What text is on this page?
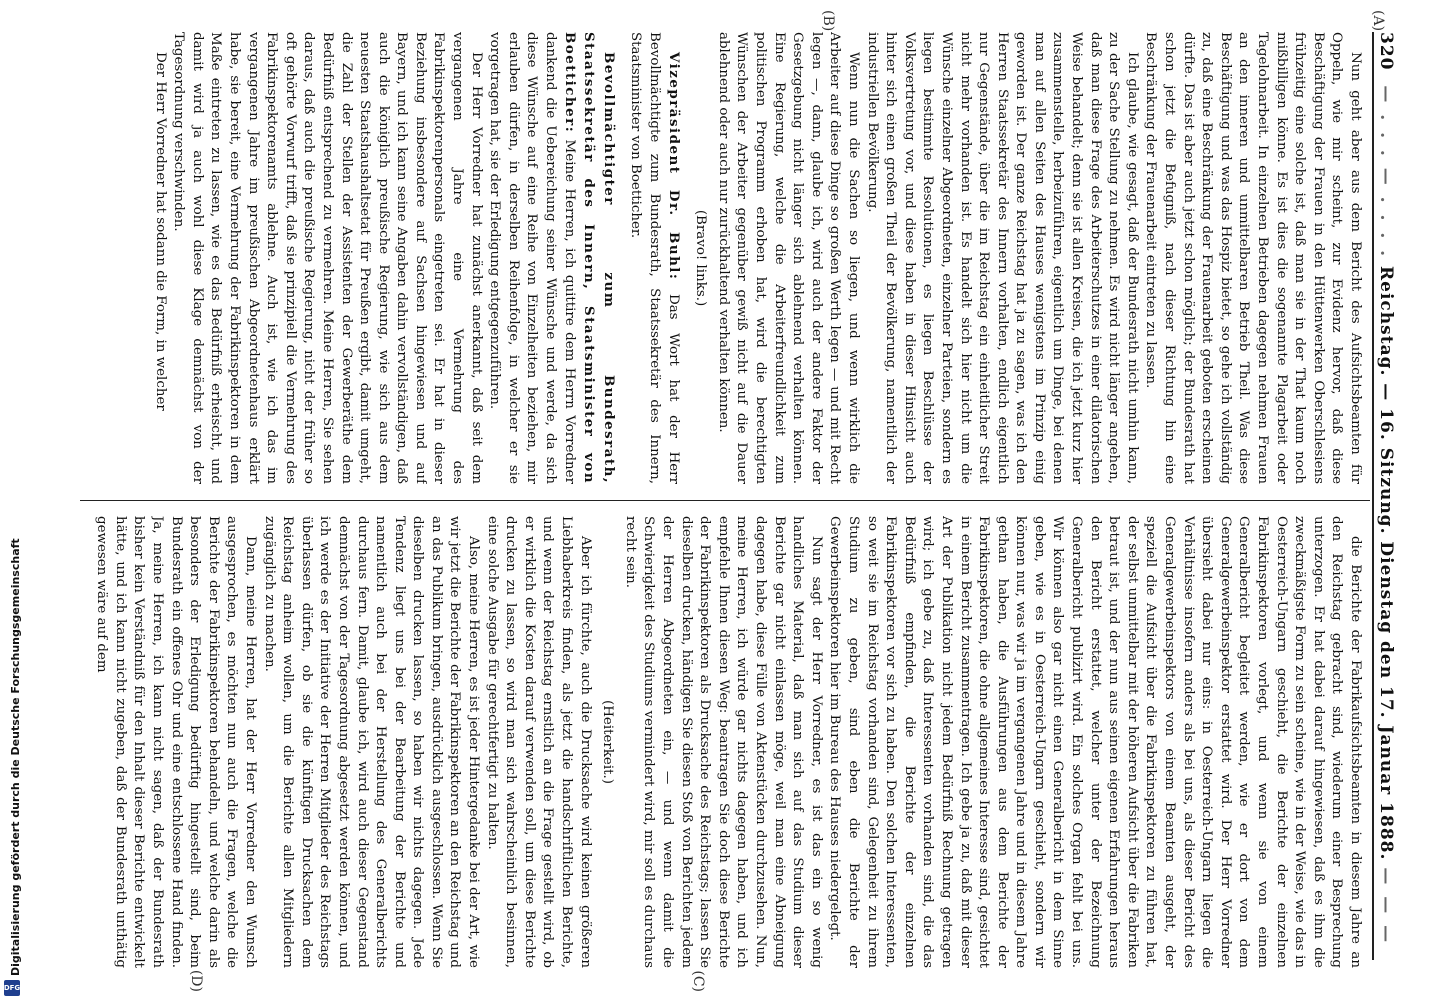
320
— . . . — . . . . Reichstag. — 16. Sitzung. Dienstag den 17. Januar 1888. — — —
(A)
(B)
(C)
(D)

Nun geht aber aus dem Bericht des Aufsichtsbeamten für Oppeln, wie mir scheint, zur Evidenz hervor, daß diese Beschäftigung der Frauen in den Hüttenwerken Oberschlesiens frühzeitig eine solche ist, daß man sie in der That kaum noch mißbilligen könne. Es ist dies die sogenannte Plagarbeit oder Tagelohnarbeit. In einzelnen Betrieben dagegen nehmen Frauen an den inneren und unmittelbaren Betrieb Theil. Was diese Beschäftigung und was das Hospiz bietet, so gehe ich vollständig zu, daß eine Beschränkung der Frauenarbeit geboten erscheinen dürfte. Das ist aber auch jetzt schon möglich; der Bundesrath hat schon jetzt die Befugniß, nach dieser Richtung hin eine Beschränkung der Frauenarbeit eintreten zu lassen.

Ich glaube, wie gesagt, daß der Bundesrath nicht umhin kann, zu der Sache Stellung zu nehmen. Es wird nicht länger angehen, daß man diese Frage des Arbeiterschutzes in einer dilatorischen Weise behandelt; denn sie ist allen Kreisen, die ich jetzt kurz hier zusammenstelle, herbeizuführen, eigentlich um Dinge, bei denen man auf allen Seiten des Hauses wenigstens im Prinzip einig geworden ist. Der ganze Reichstag hat ja zu sagen, was ich den Herren Staatssekretär des Innern vorhalten, endlich eigentlich nur Gegenstände, über die im Reichstag ein einheitlicher Streit nicht mehr vorhanden ist. Es handelt sich hier nicht um die Wünsche einzelner Abgeordneten, einzelner Parteien, sondern es liegen bestimmte Resolutionen, es liegen Beschlüsse der Volksvertretung vor, und diese haben in dieser Hinsicht auch hinter sich einen großen Theil der Bevölkerung, namentlich der industriellen Bevölkerung.

Wenn nun die Sachen so liegen, und wenn wirklich die Arbeiter auf diese Dinge so großen Werth legen — und mit Recht legen —, dann, glaube ich, wird auch der andere Faktor der Gesetzgebung nicht länger sich ablehnend verhalten können. Eine Regierung, welche die Arbeiterfreundlichkeit zum politischen Programm erhoben hat, wird die berechtigten Wünschen der Arbeiter gegenüber gewiß nicht auf die Dauer ablehnend oder auch nur zurückhaltend verhalten können.

(Bravo! links.)

Vizepräsident Dr. Buhl: Das Wort hat der Herr Bevollmächtigte zum Bundesrath, Staatssekretär des Innern, Staatsminister von Boetticher.

Bevollmächtigter zum Bundesrath, Staatssekretär des Innern, Staatsminister von Boetticher: Meine Herren, ich quittire dem Herrn Vorredner dankend die Uebereichung seiner Wünsche und werde, da sich diese Wünsche auf eine Reihe von Einzelheiten beziehen, mir erlauben dürfen, in derselben Reihenfolge, in welcher er sie vorgetragen hat, sie der Erledigung entgegenzuführen.

Der Herr Vorredner hat zunächst anerkannt, daß seit dem vergangenen Jahre eine Vermehrung des Fabrikinspektorenpersonals eingetreten sei. Er hat in dieser Beziehung insbesondere auf Sachsen hingewiesen und auf Bayern, und ich kann seine Angaben dahin vervollständigen, daß auch die königlich preußische Regierung, wie sich aus dem neuesten Staatshaushaltsetat für Preußen ergibt, damit umgeht, die Zahl der Stellen der Assistenten der Gewerberäthe dem Bedürfniß entsprechend zu vermehren. Meine Herren, Sie sehen daraus, daß auch die preußische Regierung, nicht der früher so oft gehörte Vorwurf trifft, daß sie prinzipiell die Vermehrung des Fabrikinspektorenamts ablehne. Auch ist, wie ich das im vergangenen Jahre im preußischen Abgeordnetenhaus erklärt habe, sie bereit, eine Vermehrung der Fabrikinspektoren in dem Maße eintreten zu lassen, wie es das Bedürfniß erheischt, und damit wird ja auch wohl diese Klage demnächst von der Tagesordnung verschwinden.

Der Herr Vorredner hat sodann die Form, in welcher

die Berichte der Fabrikaufsichtsbeamten in diesem Jahre an den Reichstag gebracht sind, wiederum einer Besprechung unterzogen. Er hat dabei darauf hingewiesen, daß es ihm die zweckmäßigste Form zu sein scheine, wie in der Weise, wie das in Oesterreich-Ungarn geschieht, die Berichte der einzelnen Fabrikinspektoren vorlegt, und wenn sie von einem Generalbericht begleitet werden, wie er dort von dem Generalgewerbeinspektor erstattet wird. Der Herr Vorredner übersieht dabei nur eins: in Oesterreich-Ungarn liegen die Verhältnisse insofern anders als bei uns, als dieser Bericht des Generalgewerbeinspektors von einem Beamten ausgeht, der speziell die Aufsicht über die Fabrikinspektoren zu führen hat, der selbst unmittelbar mit der höheren Aufsicht über die Fabriken betraut ist, und der nun aus seinen eigenen Erfahrungen heraus den Bericht erstattet, welcher unter der Bezeichnung Generalbericht publizirt wird. Ein solches Organ fehlt bei uns. Wir können also gar nicht einen Generalbericht in dem Sinne geben, wie es in Oesterreich-Ungarn geschieht, sondern wir können nur, was wir ja im vergangenen Jahre und in diesem Jahre gethan haben, die Ausführungen aus dem Berichte der Fabrikinspektoren, die ohne allgemeines Interesse sind, gesichtet in einem Bericht zusammentragen. Ich gebe ja zu, daß mit dieser Art der Publikation nicht jedem Bedürfniß Rechnung getragen wird; ich gebe zu, daß Interessenten vorhanden sind, die das Bedürfniß empfinden, die Berichte der einzelnen Fabrikinspektoren vor sich zu haben. Den solchen Interessenten, so weit sie im Reichstag vorhanden sind, Gelegenheit zu ihrem Studium zu geben, sind eben die Berichte der Gewerbeinspektoren hier im Bureau des Hauses niedergelegt.

Nun sagt der Herr Vorredner, es ist das ein so wenig handliches Material, daß man sich auf das Studium dieser Berichte gar nicht einlassen möge, weil man eine Abneigung dagegen habe, diese Fülle von Aktenstücken durchzusehen. Nun, meine Herren, ich würde gar nichts dagegen haben, und ich empfehle Ihnen diesen Weg: beantragen Sie doch diese Berichte der Fabrikinspektoren als Drucksache des Reichstags; lassen Sie dieselben drucken, händigen Sie diesen Stoß von Berichten jedem der Herren Abgeordneten ein, — und wenn damit die Schwierigkeit des Studiums vermindert wird, mir soll es durchaus recht sein.

(Heiterkeit.)

Aber ich fürchte, auch die Drucksache wird keinen größeren Liebhaberkreis finden, als jetzt die handschriftlichen Berichte, und wenn der Reichstag ernstlich an die Frage gestellt wird, ob er wirklich die Kosten darauf verwenden soll, um diese Berichte drucken zu lassen, so wird man sich wahrscheinlich besinnen, eine solche Ausgabe für gerechtfertigt zu halten.

Also, meine Herren, es ist jeder Hintergedanke bei der Art, wie wir jetzt die Berichte der Fabrikinspektoren an den Reichstag und an das Publikum bringen, ausdrücklich ausgeschlossen. Wenn Sie dieselben drucken lassen, so haben wir nichts dagegen. Jede Tendenz liegt uns bei der Bearbeitung der Berichte und namentlich auch bei der Herstellung des Generalberichts durchaus fern. Damit, glaube ich, wird auch dieser Gegenstand demnächst von der Tagesordnung abgesetzt werden können, und ich werde es der Initiative der Herren Mitglieder des Reichstags überlassen dürfen, ob sie die künftigen Drucksachen dem Reichstag anheim wollen, um die Berichte allen Mitgliedern zugänglich zu machen.

Dann, meine Herren, hat der Herr Vorredner den Wunsch ausgesprochen, es möchten nun auch die Fragen, welche die Berichte der Fabrikinspektoren behandeln, und welche darin als besonders der Erledigung bedürftig hingestellt sind, beim Bundesrath ein offenes Ohr und eine entschlossene Hand finden. Ja, meine Herren, ich kann nicht sagen, daß der Bundesrath bisher kein Verständniß für den Inhalt dieser Berichte entwickelt hätte, und ich kann nicht zugeben, daß der Bundesrath unthätig gewesen wäre auf dem

Digitalisierung gefördert durch die Deutsche Forschungsgemeinschaft
DFG
